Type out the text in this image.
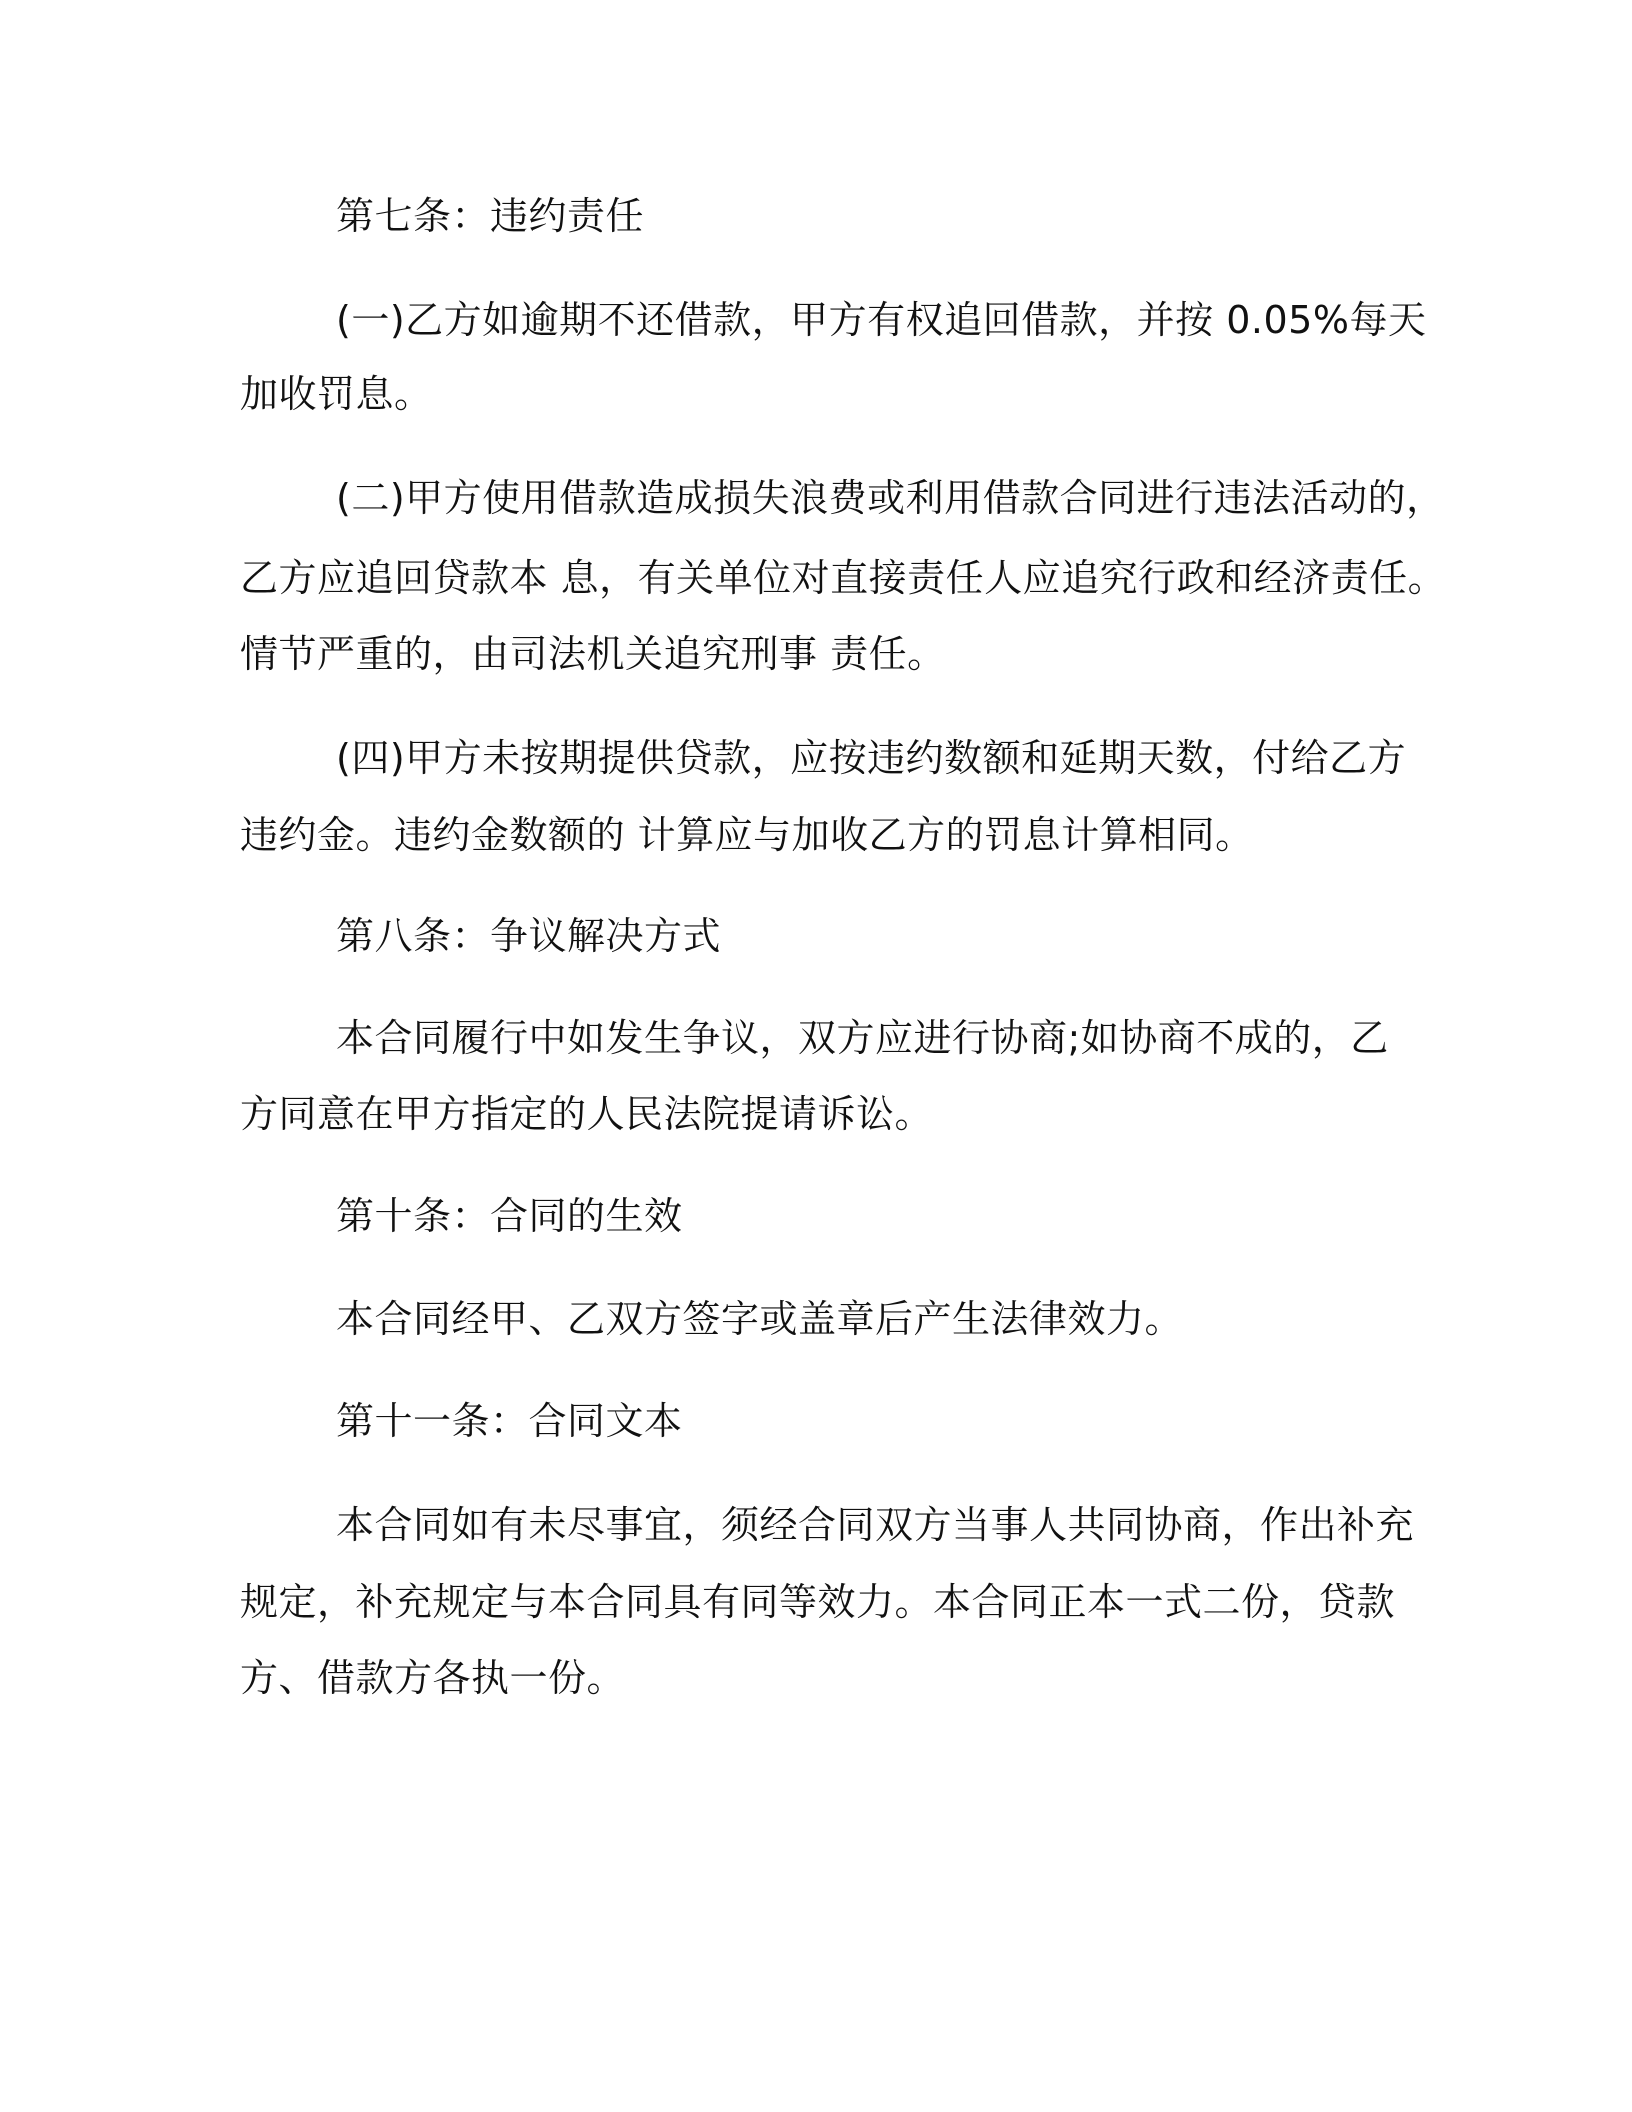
第七条：违约责任
(一)乙方如逾期不还借款，甲方有权追回借款，并按 0.05%每天
加收罚息。
(二)甲方使用借款造成损失浪费或利用借款合同进行违法活动的，
乙方应追回贷款本 息，有关单位对直接责任人应追究行政和经济责任。
情节严重的，由司法机关追究刑事 责任。
(四)甲方未按期提供贷款，应按违约数额和延期天数，付给乙方
违约金。违约金数额的 计算应与加收乙方的罚息计算相同。
第八条：争议解决方式
本合同履行中如发生争议，双方应进行协商;如协商不成的，乙
方同意在甲方指定的人民法院提请诉讼。
第十条：合同的生效
本合同经甲、乙双方签字或盖章后产生法律效力。
第十一条：合同文本
本合同如有未尽事宜，须经合同双方当事人共同协商，作出补充
规定，补充规定与本合同具有同等效力。本合同正本一式二份，贷款
方、借款方各执一份。
